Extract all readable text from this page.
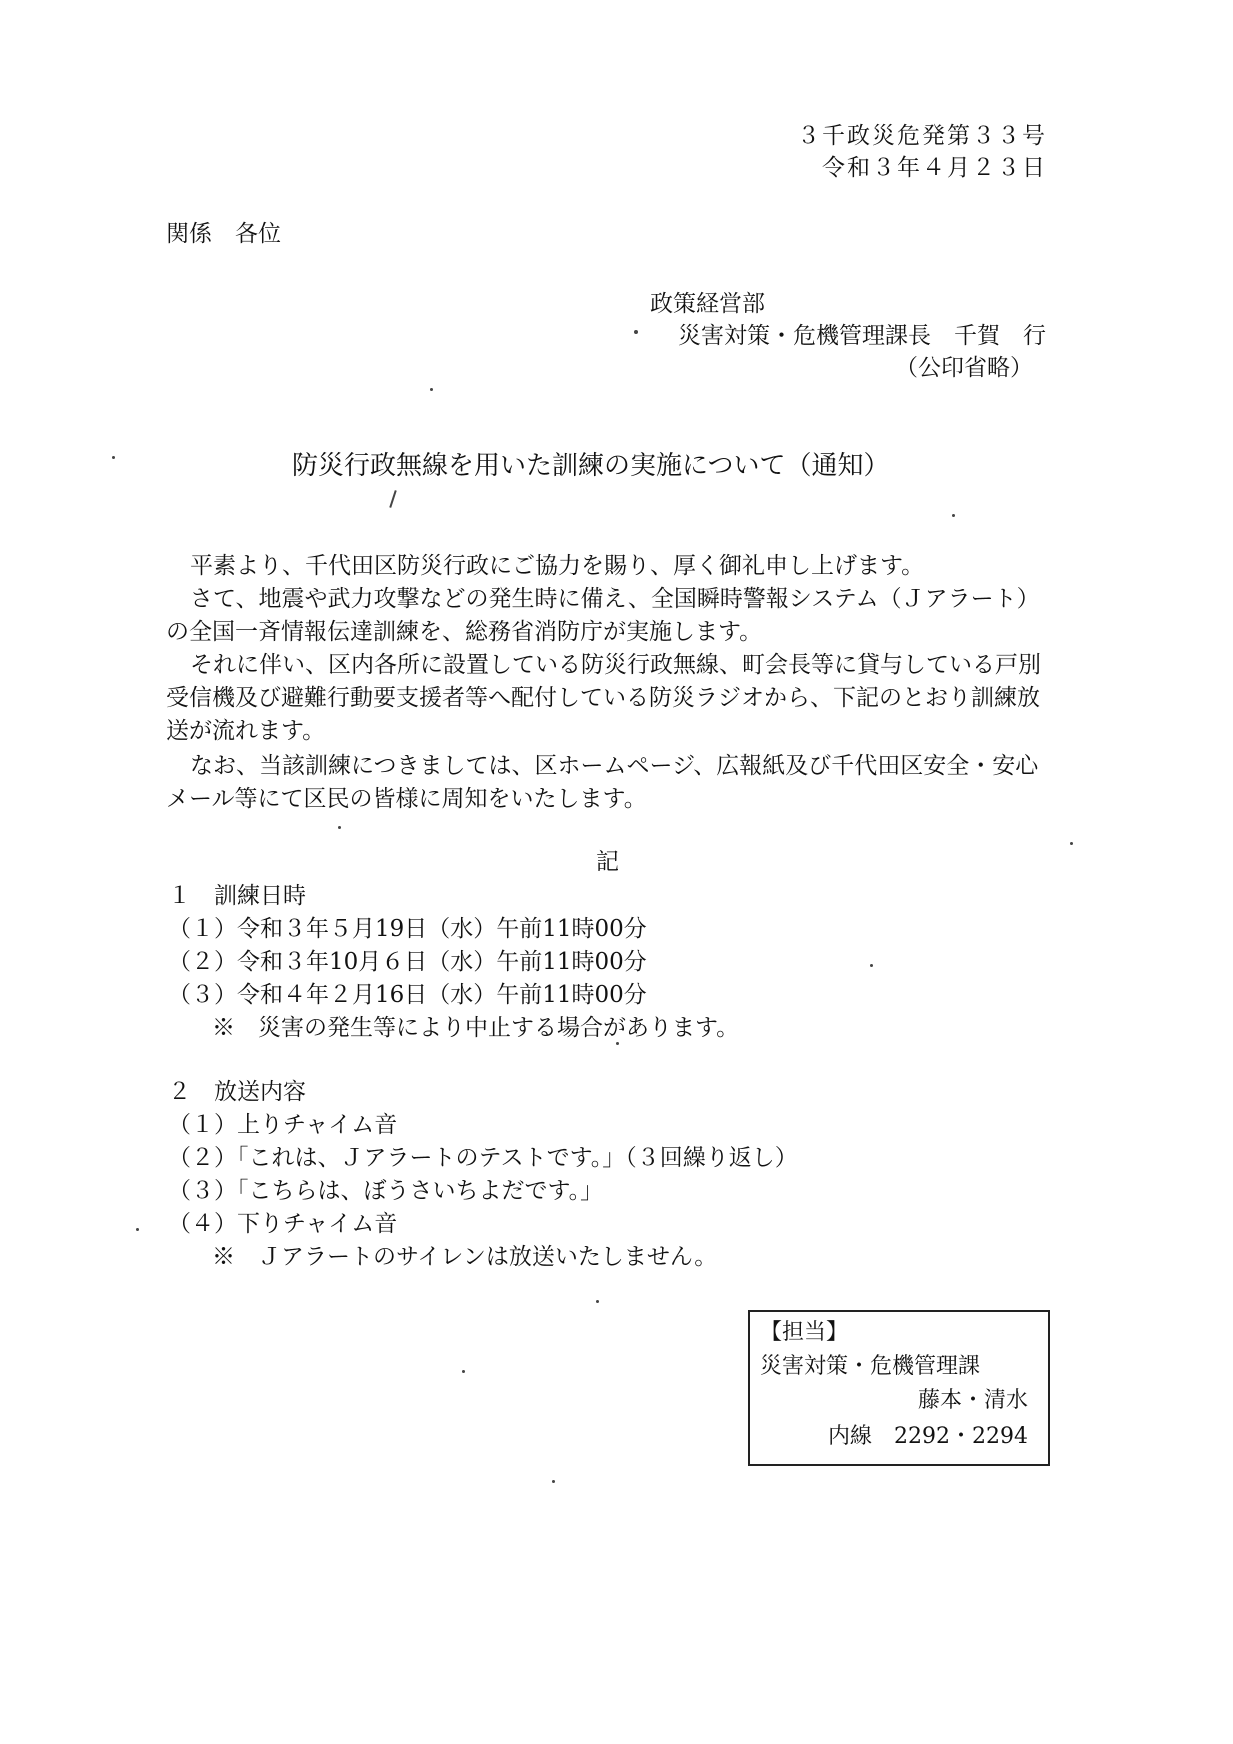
３千政災危発第３３号
令和３年４月２３日
関係　各位
政策経営部
災害対策・危機管理課長　千賀　行
（公印省略）
防災行政無線を用いた訓練の実施について（通知）
平素より、千代田区防災行政にご協力を賜り、厚く御礼申し上げます。
さて、地震や武力攻撃などの発生時に備え、全国瞬時警報システム（Ｊアラート）
の全国一斉情報伝達訓練を、総務省消防庁が実施します。
それに伴い、区内各所に設置している防災行政無線、町会長等に貸与している戸別
受信機及び避難行動要支援者等へ配付している防災ラジオから、下記のとおり訓練放
送が流れます。
なお、当該訓練につきましては、区ホームページ、広報紙及び千代田区安全・安心
メール等にて区民の皆様に周知をいたします。
記
１　訓練日時
（１）令和３年５月19日（水）午前11時00分
（２）令和３年10月６日（水）午前11時00分
（３）令和４年２月16日（水）午前11時00分
※　災害の発生等により中止する場合があります。
２　放送内容
（１）上りチャイム音
（２）「これは、Ｊアラートのテストです。」（３回繰り返し）
（３）「こちらは、ぼうさいちよだです。」
（４）下りチャイム音
※　Ｊアラートのサイレンは放送いたしません。
【担当】
災害対策・危機管理課
藤本・清水
内線　2292・2294
